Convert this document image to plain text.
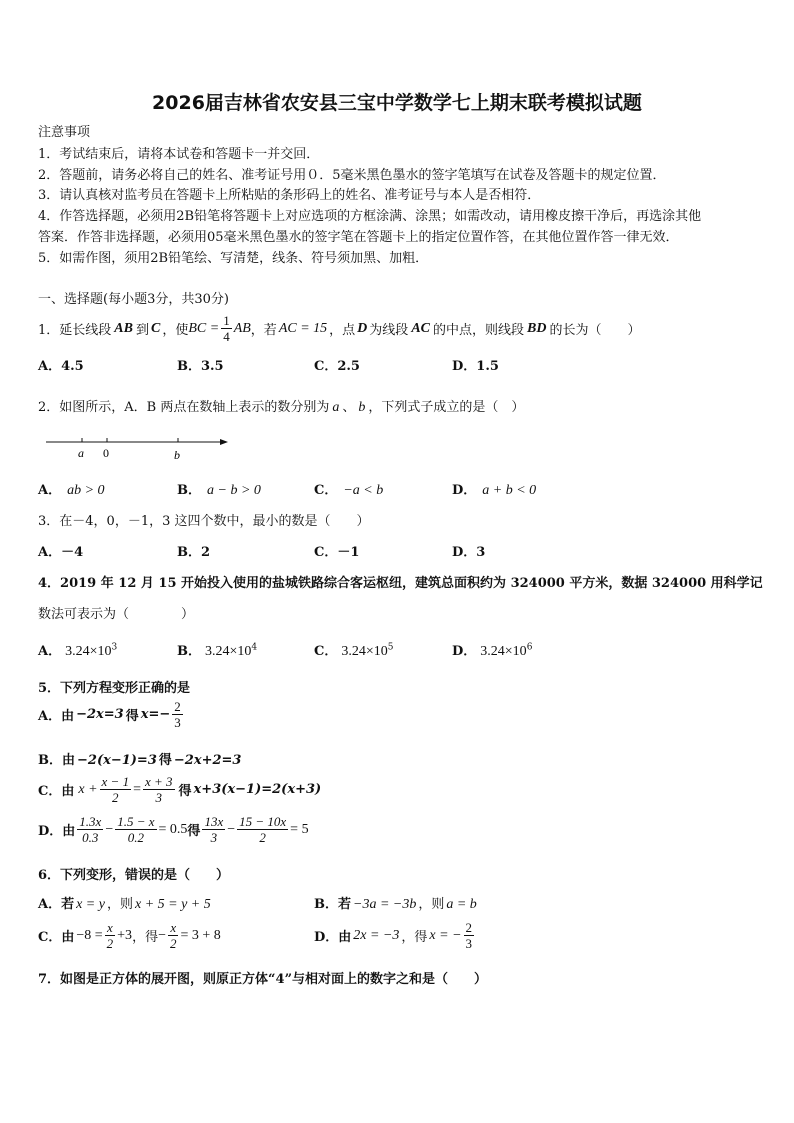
2026届吉林省农安县三宝中学数学七上期末联考模拟试题
注意事项
1．考试结束后，请将本试卷和答题卡一并交回．
2．答题前，请务必将自己的姓名、准考证号用０．5毫米黑色墨水的签字笔填写在试卷及答题卡的规定位置．
3．请认真核对监考员在答题卡上所粘贴的条形码上的姓名、准考证号与本人是否相符．
4．作答选择题，必须用2B铅笔将答题卡上对应选项的方框涂满、涂黑；如需改动，请用橡皮擦干净后，再选涂其他
答案．作答非选择题，必须用05毫米黑色墨水的签字笔在答题卡上的指定位置作答，在其他位置作答一律无效．
5．如需作图，须用2B铅笔绘、写清楚，线条、符号须加黑、加粗．
一、选择题(每小题3分，共30分)
1．延长线段 AB 到 C ，使 BC = $\frac{1}{4}$ AB ，若 AC = 15 ，点 D 为线段 AC 的中点，则线段 BD 的长为（　　）
A．4.5	B．3.5	C．2.5	D．1.5
2．如图所示，A．B 两点在数轴上表示的数分别为 a 、 b ，下列式子成立的是（　）
a 0	b
A． ab > 0	B． a − b > 0	C． −a < b	D． a + b < 0
3．在－4，0，－1，3 这四个数中，最小的数是（　　）
A．－4	B．2	C．－1	D．3
4．2019 年 12 月 15 开始投入使用的盐城铁路综合客运枢纽，建筑总面积约为 324000 平方米，数据 324000 用科学记
数法可表示为（　　　　）
A． $3.24\times 10^3$	B． $3.24\times 10^4$	C． $3.24\times 10^5$	D． $3.24\times 10^6$
5．下列方程变形正确的是
A．由 −2x=3 得 $x=- \frac{2}{3}$
B．由 −2(x−1)=3 得 −2x+2=3
C．由 $x + \frac{x - 1}{2} = \frac{x + 3}{3}$ 得 x+3(x−1)=2(x+3)
D．由 $\frac{1.3x}{0.3} - \frac{1.5 - x}{0.2} = 0.5$ 得 $\frac{13x}{3} - \frac{15 - 10x}{2} = 5$
6．下列变形，错误的是（　　）
A．若 x = y ，则 x + 5 = y + 5	B．若 −3a = −3b ，则 a = b
C．由 $-8 = \frac{x}{2} +3$ ，得 − $\frac{x}{2} = 3 + 8$	D．由 2x = −3 ，得 x = − $\frac{2}{3}$
7．如图是正方体的展开图，则原正方体“4”与相对面上的数字之和是（　　）
